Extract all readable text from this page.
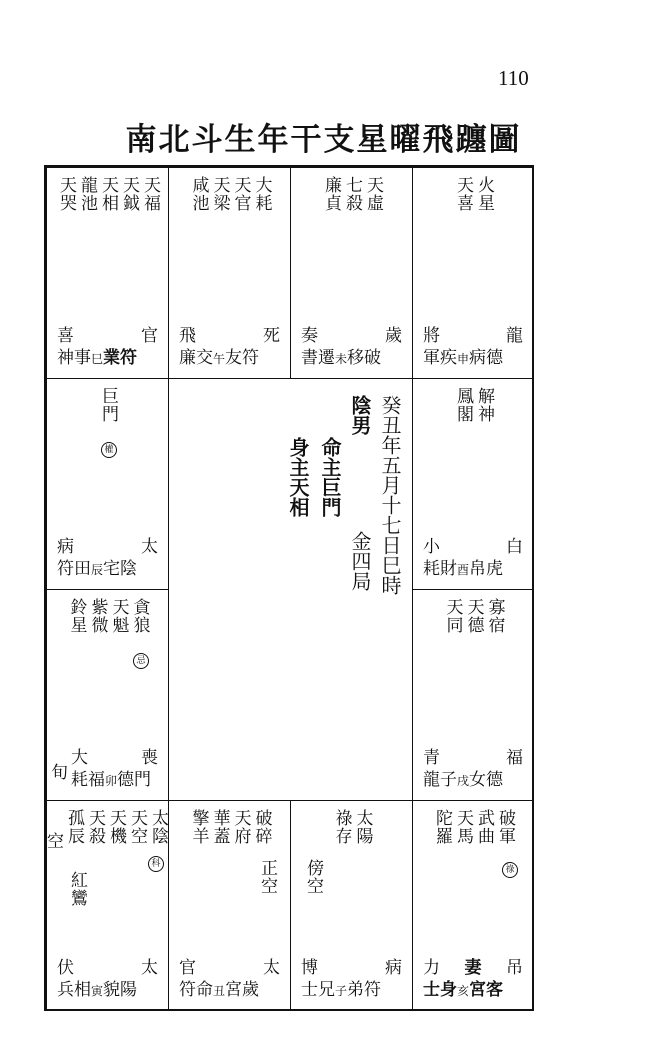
110
南北斗生年干支星曜飛躔圖
天福
天鉞
天相
龍池
天哭
喜	官
神事巳業符
大耗
天官
天梁
咸池
飛	死
廉交午友符
天虛
七殺
廉貞
奏	歲
書遷未移破
火星
天喜
將	龍
軍疾申病德
巨門
權
病	太
符田辰宅陰
解神
鳳閣
小	白
耗財酉帛虎
貪狼
天魁
紫微
鈴星
忌
旬
大	喪
耗福卯德門
寡宿
天德
天同
青	福
龍子戌女德
太陰
天空
天機
天殺
孤辰
科
空
紅鸞
伏	太
兵相寅貌陽
破碎
天府
華蓋
擎羊
正空
官	太
符命丑宮歲
太陽
祿存
傍空
博	病
士兄子弟符
破軍
武曲
天馬
陀羅
祿
力 妻 吊
士身亥宮客
癸丑年五月十七日巳時
陰男
金四局
命主巨門
身主天相
